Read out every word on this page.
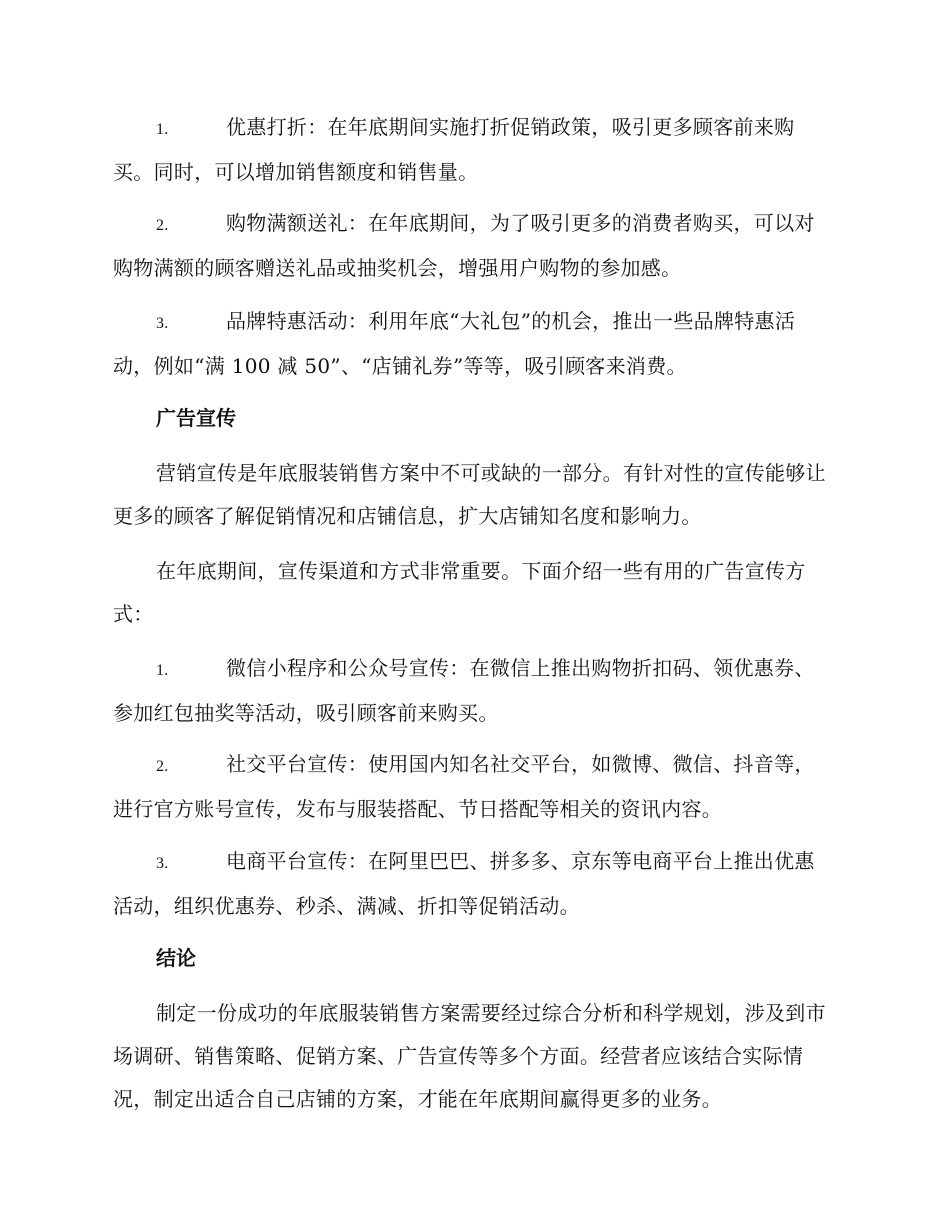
1.	优惠打折：在年底期间实施打折促销政策，吸引更多顾客前来购买。同时，可以增加销售额度和销售量。

2.	购物满额送礼：在年底期间，为了吸引更多的消费者购买，可以对购物满额的顾客赠送礼品或抽奖机会，增强用户购物的参加感。

3.	品牌特惠活动：利用年底“大礼包”的机会，推出一些品牌特惠活动，例如“满 100 减 50”、“店铺礼券”等等，吸引顾客来消费。

广告宣传

营销宣传是年底服装销售方案中不可或缺的一部分。有针对性的宣传能够让更多的顾客了解促销情况和店铺信息，扩大店铺知名度和影响力。

在年底期间，宣传渠道和方式非常重要。下面介绍一些有用的广告宣传方式：

1.	微信小程序和公众号宣传：在微信上推出购物折扣码、领优惠券、参加红包抽奖等活动，吸引顾客前来购买。

2.	社交平台宣传：使用国内知名社交平台，如微博、微信、抖音等，进行官方账号宣传，发布与服装搭配、节日搭配等相关的资讯内容。

3.	电商平台宣传：在阿里巴巴、拼多多、京东等电商平台上推出优惠活动，组织优惠券、秒杀、满减、折扣等促销活动。

结论

制定一份成功的年底服装销售方案需要经过综合分析和科学规划，涉及到市场调研、销售策略、促销方案、广告宣传等多个方面。经营者应该结合实际情况，制定出适合自己店铺的方案，才能在年底期间赢得更多的业务。
